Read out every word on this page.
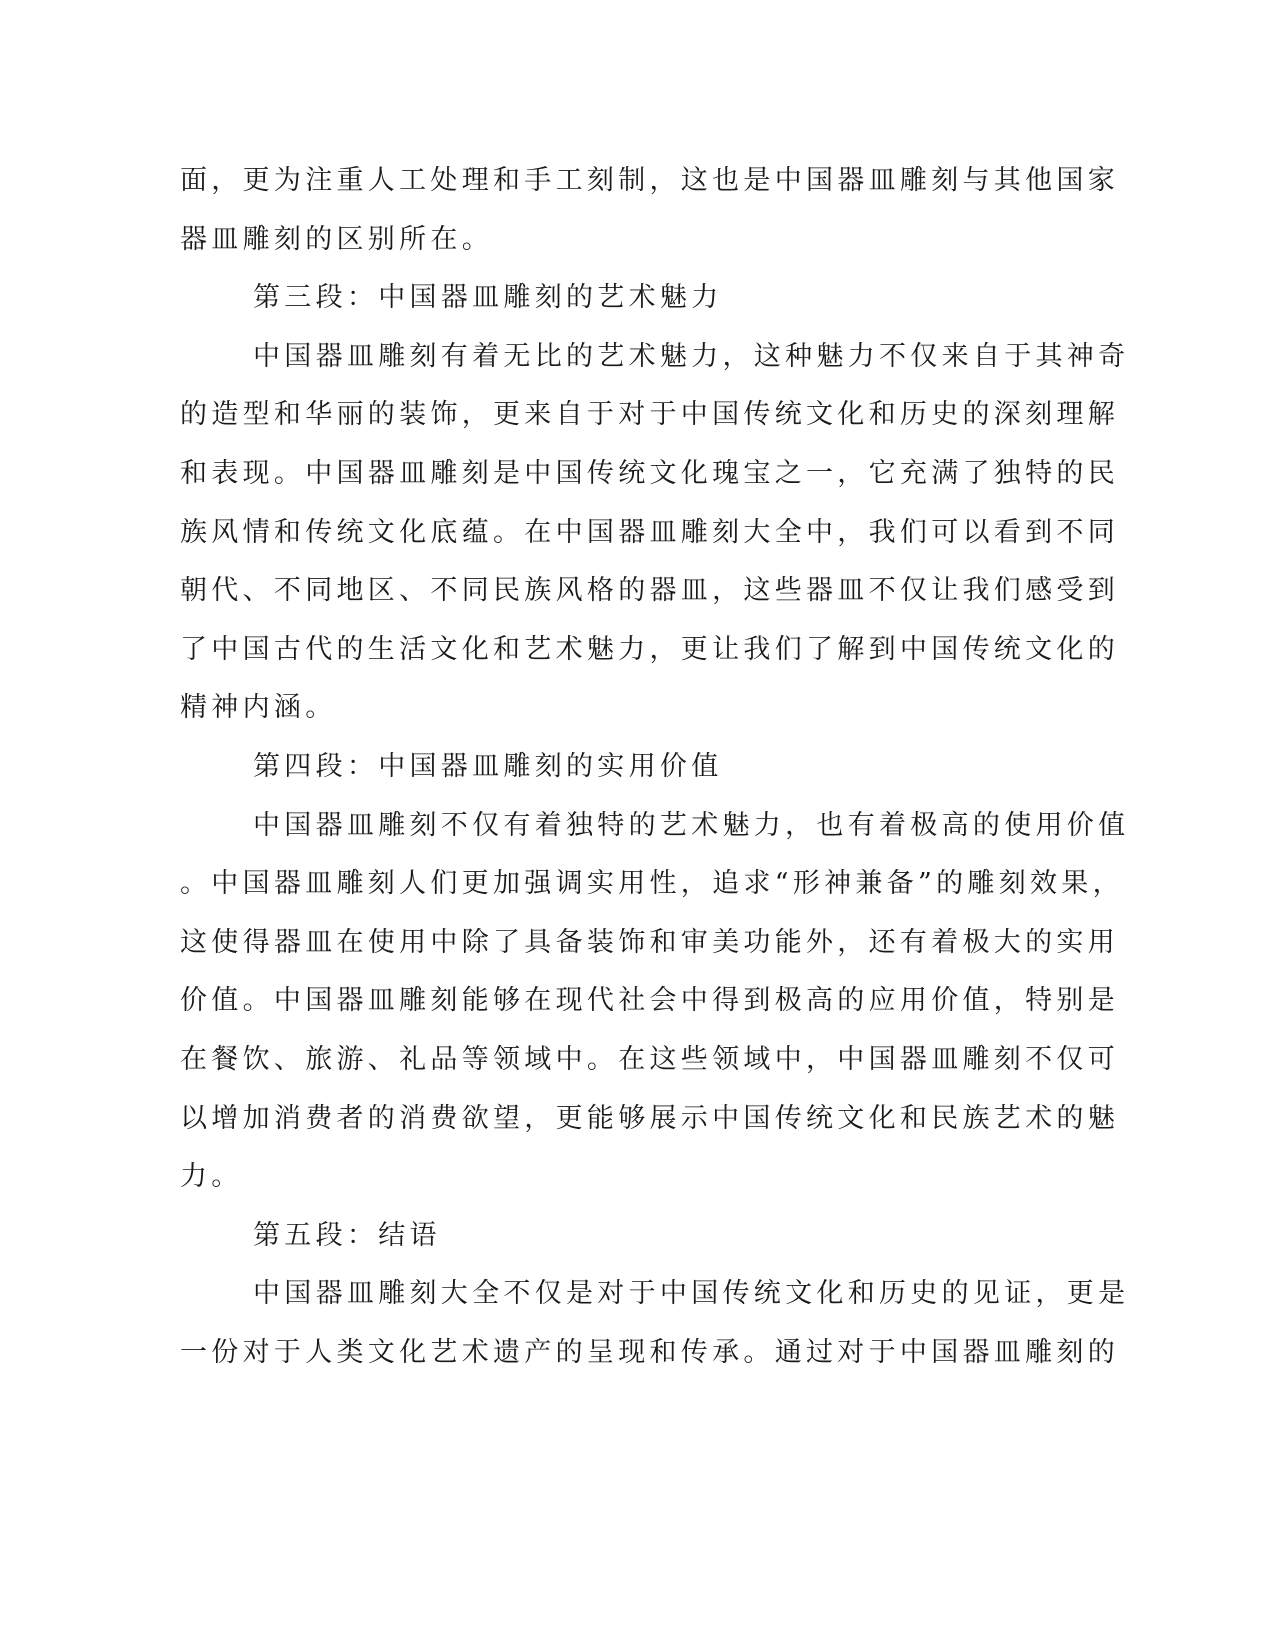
面，更为注重人工处理和手工刻制，这也是中国器皿雕刻与其他国家
器皿雕刻的区别所在。
第三段：中国器皿雕刻的艺术魅力
中国器皿雕刻有着无比的艺术魅力，这种魅力不仅来自于其神奇
的造型和华丽的装饰，更来自于对于中国传统文化和历史的深刻理解
和表现。中国器皿雕刻是中国传统文化瑰宝之一，它充满了独特的民
族风情和传统文化底蕴。在中国器皿雕刻大全中，我们可以看到不同
朝代、不同地区、不同民族风格的器皿，这些器皿不仅让我们感受到
了中国古代的生活文化和艺术魅力，更让我们了解到中国传统文化的
精神内涵。
第四段：中国器皿雕刻的实用价值
中国器皿雕刻不仅有着独特的艺术魅力，也有着极高的使用价值
。中国器皿雕刻人们更加强调实用性，追求“形神兼备”的雕刻效果，
这使得器皿在使用中除了具备装饰和审美功能外，还有着极大的实用
价值。中国器皿雕刻能够在现代社会中得到极高的应用价值，特别是
在餐饮、旅游、礼品等领域中。在这些领域中，中国器皿雕刻不仅可
以增加消费者的消费欲望，更能够展示中国传统文化和民族艺术的魅
力。
第五段：结语
中国器皿雕刻大全不仅是对于中国传统文化和历史的见证，更是
一份对于人类文化艺术遗产的呈现和传承。通过对于中国器皿雕刻的
